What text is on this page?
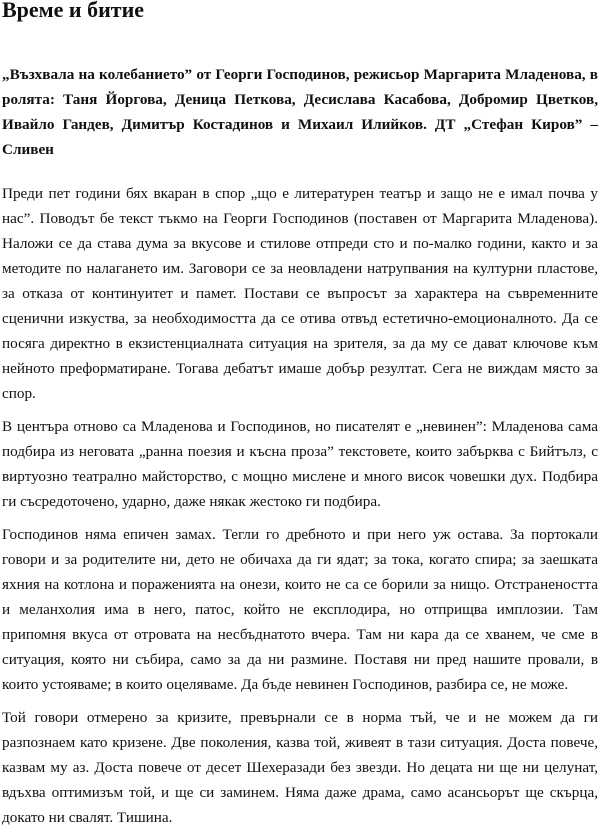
Време и битие

„Възхвала на колебанието” от Георги Господинов, режисьор Маргарита Младенова, в ролята: Таня Йоргова, Деница Петкова, Десислава Касабова, Добромир Цветков, Ивайло Гандев, Димитър Костадинов и Михаил Илийков. ДТ „Стефан Киров” – Сливен

Преди пет години бях вкаран в спор „що е литературен театър и защо не е имал почва у нас”. Поводът бе текст тъкмо на Георги Господинов (поставен от Маргарита Младенова). Наложи се да става дума за вкусове и стилове отпреди сто и по-малко години, както и за методите по налагането им. Заговори се за неовладени натрупвания на културни пластове, за отказа от континуитет и памет. Постави се въпросът за характера на съвременните сценични изкуства, за необходимостта да се отива отвъд естетично-емоционалното. Да се посяга директно в екзистенциалната ситуация на зрителя, за да му се дават ключове към нейното преформатиране. Тогава дебатът имаше добър резултат. Сега не виждам място за спор.

В центъра отново са Младенова и Господинов, но писателят е „невинен”: Младенова сама подбира из неговата „ранна поезия и късна проза” текстовете, които забърква с Бийтълз, с виртуозно театрално майсторство, с мощно мислене и много висок човешки дух. Подбира ги съсредоточено, ударно, даже някак жестоко ги подбира.

Господинов няма епичен замах. Тегли го дребното и при него уж остава. За портокали говори и за родителите ни, дето не обичаха да ги ядат; за тока, когато спира; за заешката яхния на котлона и пораженията на онези, които не са се борили за нищо. Отстранеността и меланхолия има в него, патос, който не експлодира, но отприщва имплозии. Там припомня вкуса от отровата на несбъднатото вчера. Там ни кара да се хванем, че сме в ситуация, която ни събира, само за да ни размине. Поставя ни пред нашите провали, в които устояваме; в които оцеляваме. Да бъде невинен Господинов, разбира се, не може.

Той говори отмерено за кризите, превърнали се в норма тъй, че и не можем да ги разпознаем като кризене. Две поколения, казва той, живеят в тази ситуация. Доста повече, казвам му аз. Доста повече от десет Шехеразади без звезди. Но децата ни ще ни целунат, вдъхва оптимизъм той, и ще си заминем. Няма даже драма, само асансьорът ще скърца, докато ни свалят. Тишина.
